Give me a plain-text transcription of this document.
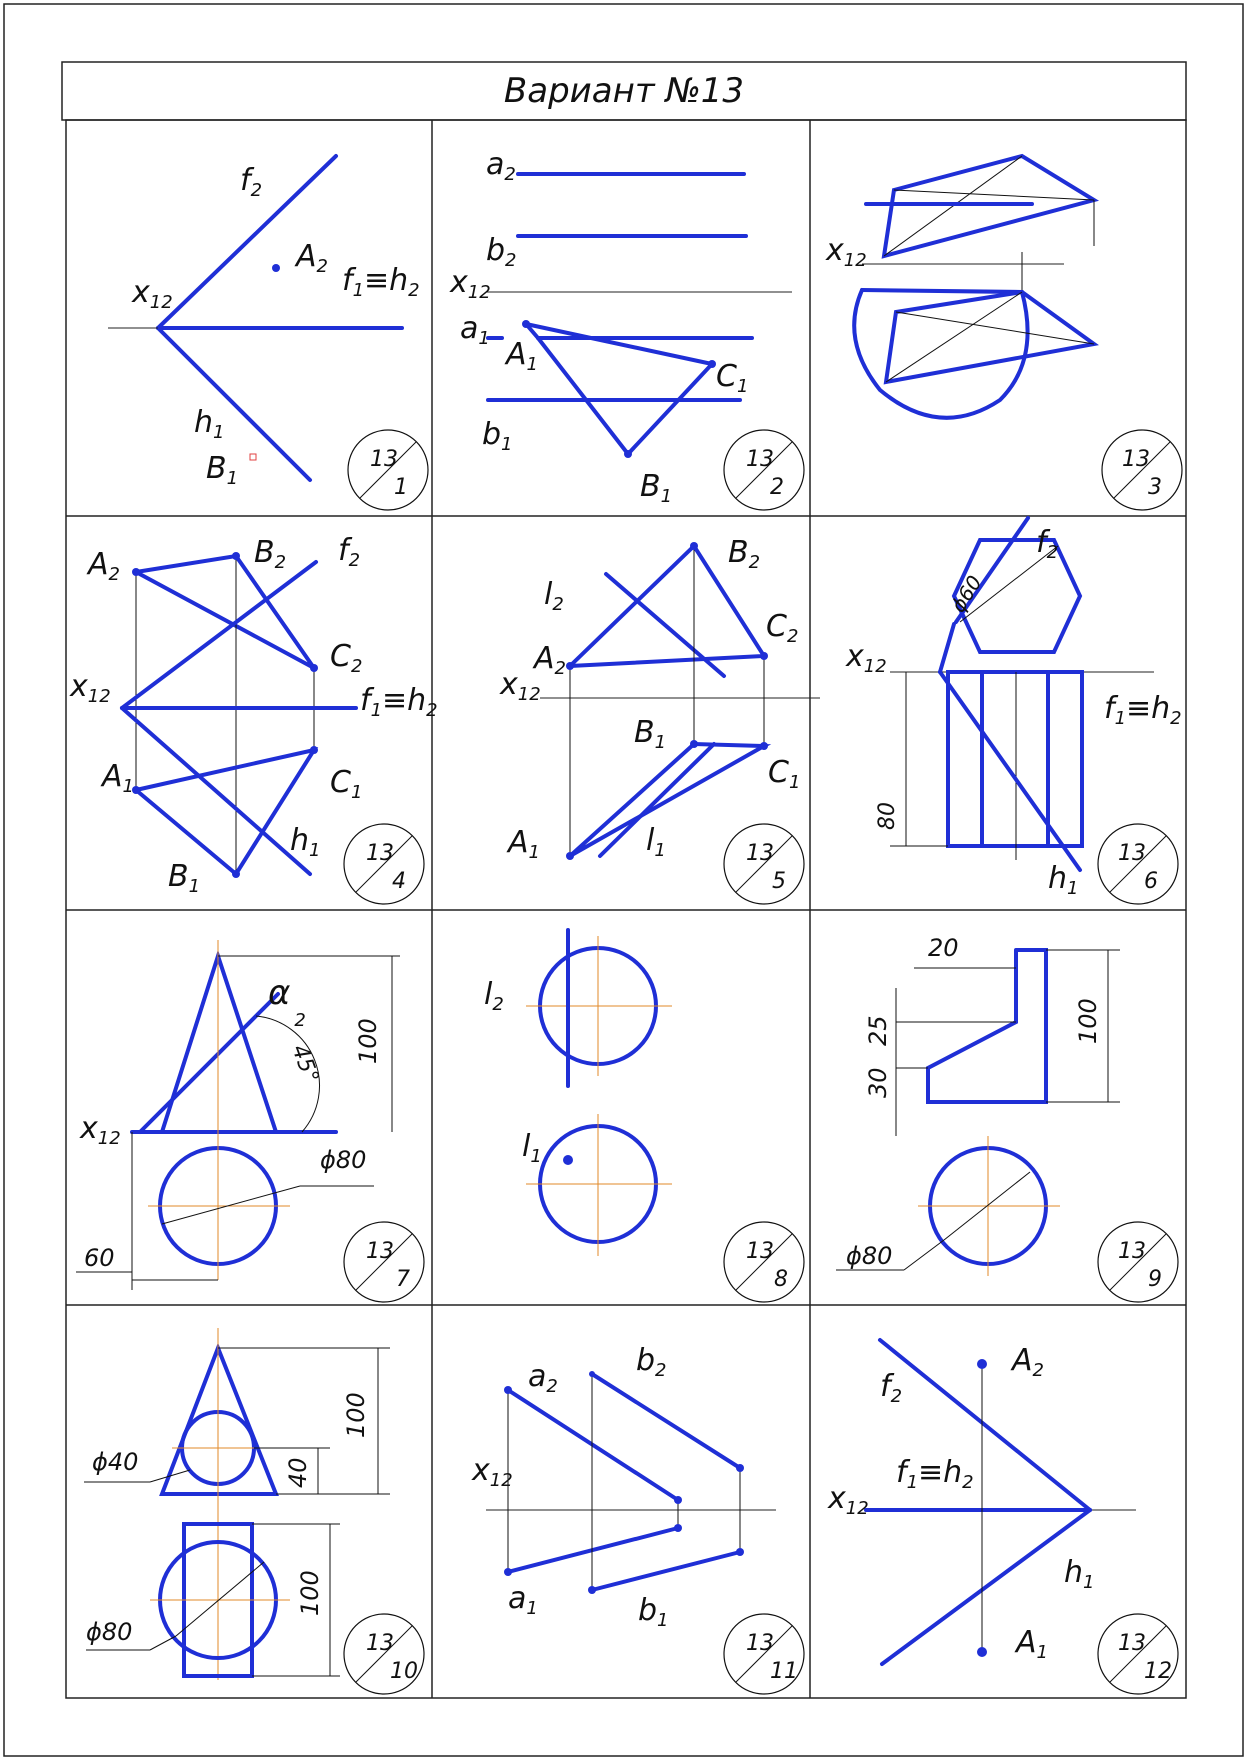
Вариант №13
$f_2$
$A_2$ $f_1\equiv h_2$
$x_{12}$
$h_1$
$B_1$
13
1
$a_2$
$b_2$
$x_{12}$
$a_1$ $A_1$	$C_1$
$b_1$
$B_1$
13
2
$x_{12}$
13
3
$A_2$
$B_2$ $f_2$
$C_2$
$x_{12}$	$f_1\equiv h_2$
$A_1$	$C_1$
$h_1$
$B_1$
13
4
$B_2$
$l_2$
$C_2$
$A_2$
$x_{12}$
$B_1$
$C_1$
$A_1$	$l_1$	13
5
$f_2$
ϕ60
$x_{12}$
$f_1\equiv h_2$
80
$h_1$
13
6
$\alpha_2$
45°
100
$x_{12}$
ϕ80
60	13
7
$l_2$
$l_1$
13
8
20
25
30
100
ϕ80	13
9
100
ϕ40	40
ϕ80
100
13
10
$a_2$
$b_2$
$x_{12}$
$a_1$	$b_1$
13
11
$A_2$
$f_2$
$f_1\equiv h_2$
$x_{12}$
$h_1$
$A_1$	13
12
